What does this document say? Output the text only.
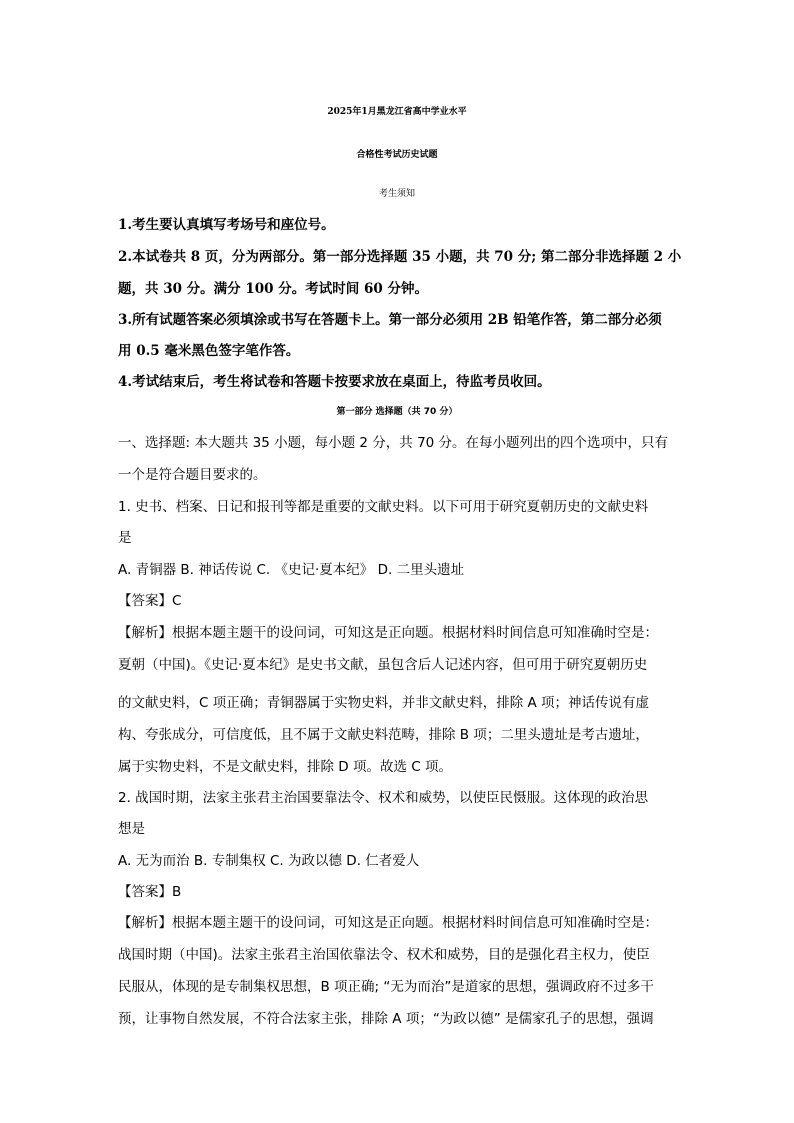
2025年1月黑龙江省高中学业水平
合格性考试历史试题
考生须知
1.考生要认真填写考场号和座位号。
2.本试卷共 8 页，分为两部分。第一部分选择题 35 小题，共 70 分; 第二部分非选择题 2 小
题，共 30 分。满分 100 分。考试时间 60 分钟。
3.所有试题答案必须填涂或书写在答题卡上。第一部分必须用 2B 铅笔作答，第二部分必须
用 0.5 毫米黑色签字笔作答。
4.考试结束后，考生将试卷和答题卡按要求放在桌面上，待监考员收回。
第一部分 选择题（共 70 分）
一、选择题: 本大题共 35 小题，每小题 2 分，共 70 分。在每小题列出的四个选项中，只有
一个是符合题目要求的。
1. 史书、档案、日记和报刊等都是重要的文献史料。以下可用于研究夏朝历史的文献史料
是
A. 青铜器 B. 神话传说 C. 《史记·夏本纪》 D. 二里头遗址
【答案】C
【解析】根据本题主题干的设问词，可知这是正向题。根据材料时间信息可知准确时空是：
夏朝（中国)。《史记·夏本纪》是史书文献，虽包含后人记述内容，但可用于研究夏朝历史
的文献史料，C 项正确；青铜器属于实物史料，并非文献史料，排除 A 项；神话传说有虚
构、夸张成分，可信度低，且不属于文献史料范畴，排除 B 项；二里头遗址是考古遗址，
属于实物史料，不是文献史料，排除 D 项。故选 C 项。
2. 战国时期，法家主张君主治国要靠法令、权术和威势，以使臣民慑服。这体现的政治思
想是
A. 无为而治 B. 专制集权 C. 为政以德 D. 仁者爱人
【答案】B
【解析】根据本题主题干的设问词，可知这是正向题。根据材料时间信息可知准确时空是：
战国时期（中国)。法家主张君主治国依靠法令、权术和威势，目的是强化君主权力，使臣
民服从，体现的是专制集权思想，B 项正确; “无为而治”是道家的思想，强调政府不过多干
预，让事物自然发展，不符合法家主张，排除 A 项；“为政以德” 是儒家孔子的思想，强调
